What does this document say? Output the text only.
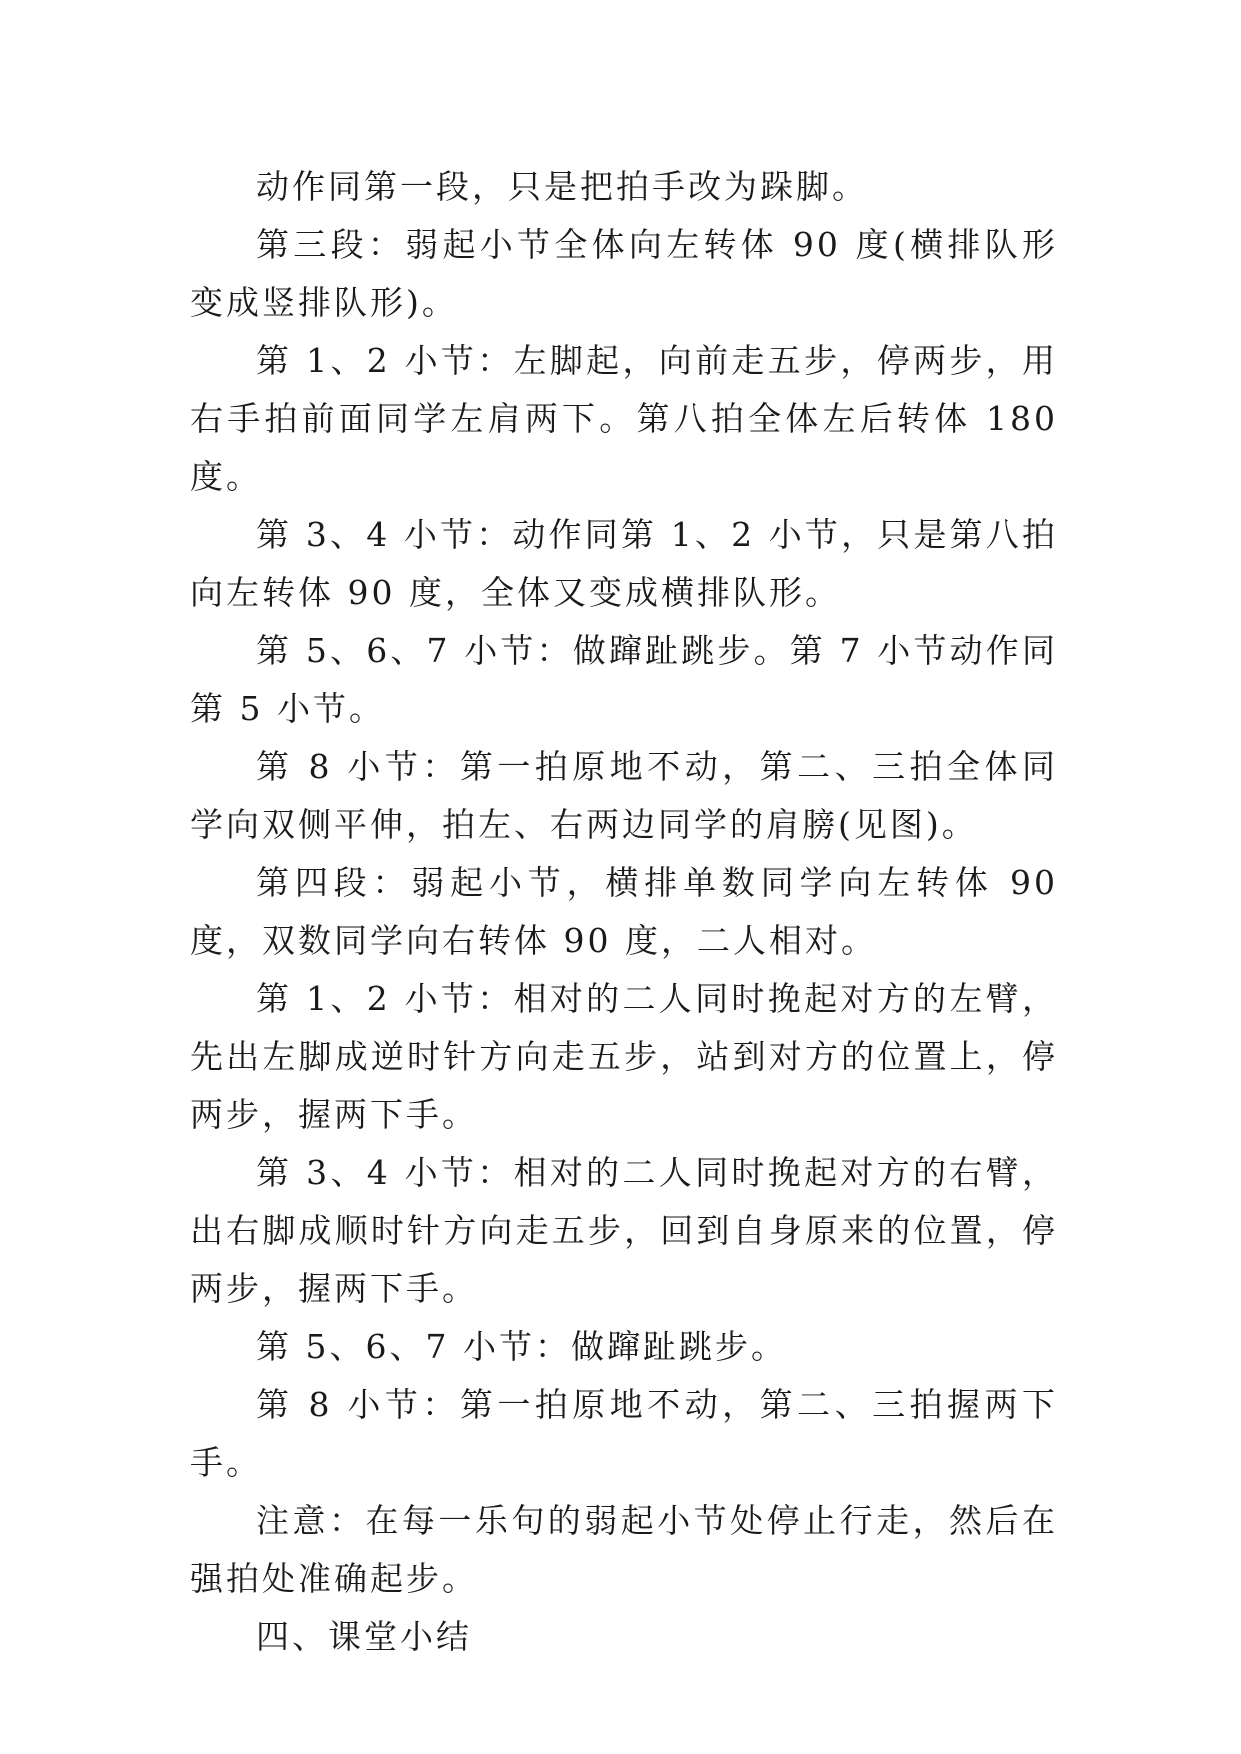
动作同第一段，只是把拍手改为跺脚。

第三段：弱起小节全体向左转体 90 度(横排队形变成竖排队形)。

第 1、2 小节：左脚起，向前走五步，停两步，用右手拍前面同学左肩两下。第八拍全体左后转体 180 度。

第 3、4 小节：动作同第 1、2 小节，只是第八拍向左转体 90 度，全体又变成横排队形。

第 5、6、7 小节：做蹿趾跳步。第 7 小节动作同第 5 小节。

第 8 小节：第一拍原地不动，第二、三拍全体同学向双侧平伸，拍左、右两边同学的肩膀(见图)。

第四段：弱起小节，横排单数同学向左转体 90 度，双数同学向右转体 90 度，二人相对。

第 1、2 小节：相对的二人同时挽起对方的左臂，先出左脚成逆时针方向走五步，站到对方的位置上，停两步，握两下手。

第 3、4 小节：相对的二人同时挽起对方的右臂，出右脚成顺时针方向走五步，回到自身原来的位置，停两步，握两下手。

第 5、6、7 小节：做蹿趾跳步。

第 8 小节：第一拍原地不动，第二、三拍握两下手。

注意：在每一乐句的弱起小节处停止行走，然后在强拍处准确起步。

四、课堂小结
